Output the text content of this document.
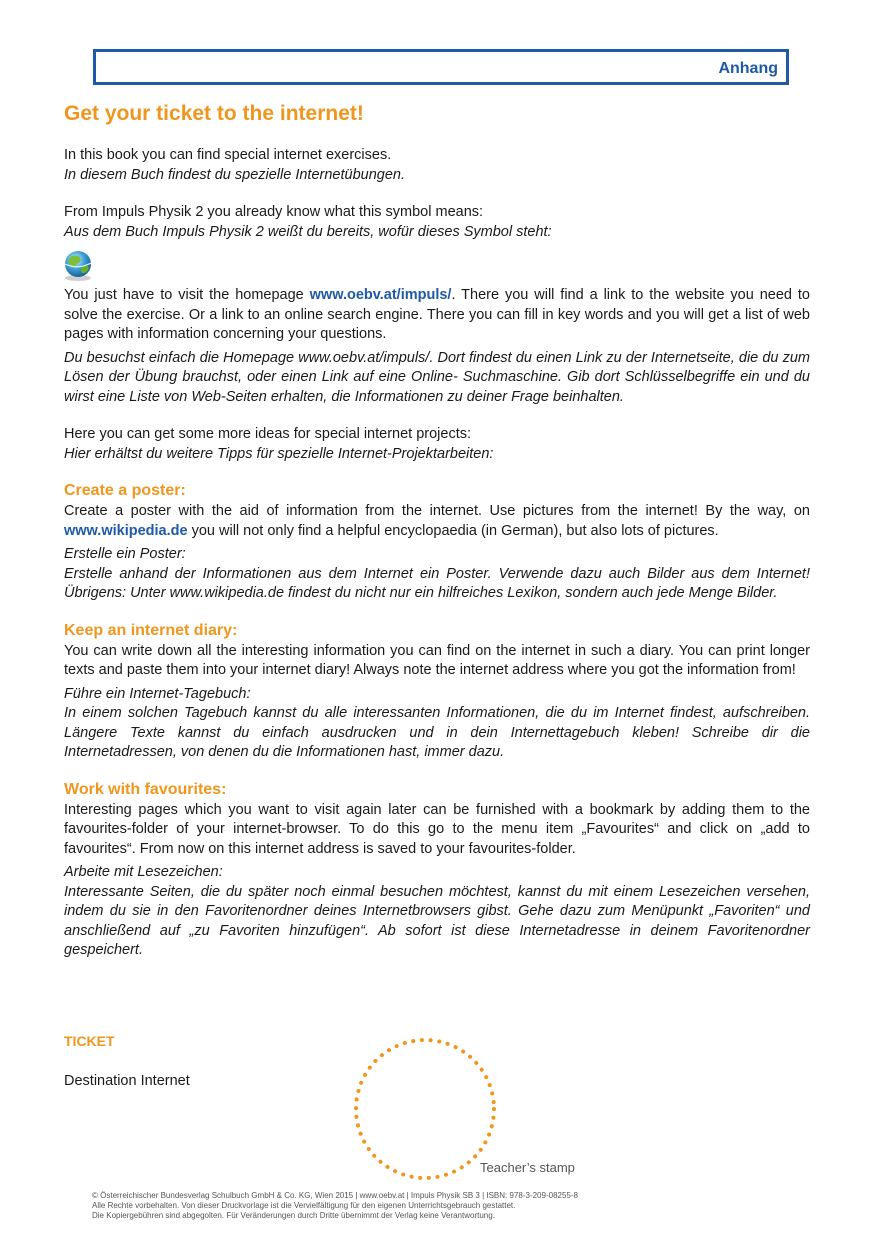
Anhang
Get your ticket to the internet!

In this book you can find special internet exercises.

In diesem Buch findest du spezielle Internetübungen.

From Impuls Physik 2 you already know what this symbol means:

Aus dem Buch Impuls Physik 2 weißt du bereits, wofür dieses Symbol steht:

You just have to visit the homepage www.oebv.at/impuls/. There you will find a link to the website you need to solve the exercise. Or a link to an online search engine. There you can fill in key words and you will get a list of web pages with information concerning your questions.

Du besuchst einfach die Homepage www.oebv.at/impuls/. Dort findest du einen Link zu der Internetseite, die du zum Lösen der Übung brauchst, oder einen Link auf eine Online- Suchmaschine. Gib dort Schlüsselbegriffe ein und du wirst eine Liste von Web-Seiten erhalten, die Informationen zu deiner Frage beinhalten.

Here you can get some more ideas for special internet projects:

Hier erhältst du weitere Tipps für spezielle Internet-Projektarbeiten:

Create a poster:

Create a poster with the aid of information from the internet. Use pictures from the internet! By the way, on www.wikipedia.de you will not only find a helpful encyclopaedia (in German), but also lots of pictures.

Erstelle ein Poster:

Erstelle anhand der Informationen aus dem Internet ein Poster. Verwende dazu auch Bilder aus dem Internet! Übrigens: Unter www.wikipedia.de findest du nicht nur ein hilfreiches Lexikon, sondern auch jede Menge Bilder.

Keep an internet diary:

You can write down all the interesting information you can find on the internet in such a diary. You can print longer texts and paste them into your internet diary! Always note the internet address where you got the information from!

Führe ein Internet-Tagebuch:

In einem solchen Tagebuch kannst du alle interessanten Informationen, die du im Internet findest, aufschreiben. Längere Texte kannst du einfach ausdrucken und in dein Internettagebuch kleben! Schreibe dir die Internetadressen, von denen du die Informationen hast, immer dazu.

Work with favourites:

Interesting pages which you want to visit again later can be furnished with a bookmark by adding them to the favourites-folder of your internet-browser. To do this go to the menu item „Favourites“ and click on „add to favourites“. From now on this internet address is saved to your favourites-folder.

Arbeite mit Lesezeichen:

Interessante Seiten, die du später noch einmal besuchen möchtest, kannst du mit einem Lesezeichen versehen, indem du sie in den Favoritenordner deines Internetbrowsers gibst. Gehe dazu zum Menüpunkt „Favoriten“ und anschließend auf „zu Favoriten hinzufügen“. Ab sofort ist diese Internetadresse in deinem Favoritenordner gespeichert.

TICKET
Destination Internet
Teacher’s stamp
© Österreichischer Bundesverlag Schulbuch GmbH & Co. KG, Wien 2015 | www.oebv.at | Impuls Physik SB 3 | ISBN: 978-3-209-08255-8
Alle Rechte vorbehalten. Von dieser Druckvorlage ist die Vervielfältigung für den eigenen Unterrichtsgebrauch gestattet.
Die Kopiergebühren sind abgegolten. Für Veränderungen durch Dritte übernimmt der Verlag keine Verantwortung.
